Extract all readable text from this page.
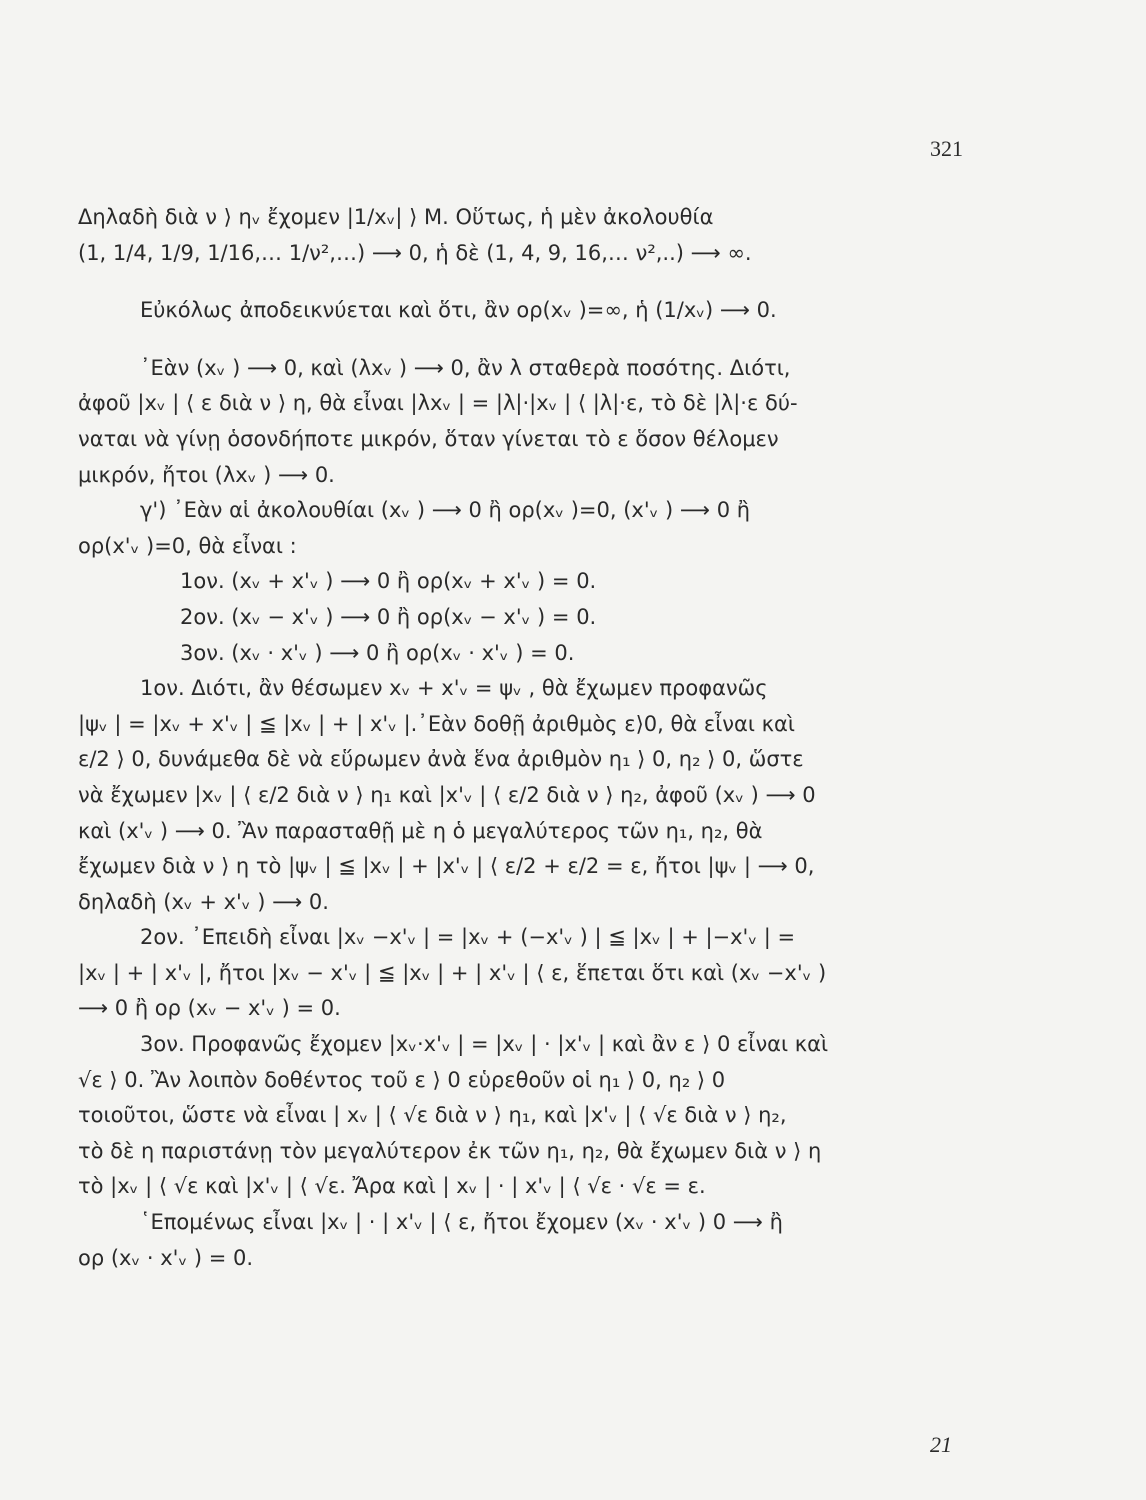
321
Δηλαδὴ διὰ ν ⟩ ηᵥ ἔχομεν |1/xᵥ| ⟩ Μ. Οὕτως, ἡ μὲν ἀκολουθία
(1, 1/4, 1/9, 1/16,… 1/ν²,…) ⟶ 0, ἡ δὲ (1, 4, 9, 16,… ν²,..) ⟶ ∞.
Εὐκόλως ἀποδεικνύεται καὶ ὅτι, ἂν ορ(xᵥ )=∞, ἡ (1/xᵥ) ⟶ 0.
᾿Εὰν (xᵥ ) ⟶ 0, καὶ (λxᵥ ) ⟶ 0, ἂν λ σταθερὰ ποσότης. Διότι,
ἀφοῦ |xᵥ | ⟨ ε διὰ ν ⟩ η, θὰ εἶναι |λxᵥ | = |λ|·|xᵥ | ⟨ |λ|·ε, τὸ δὲ |λ|·ε δύ-
ναται νὰ γίνῃ ὁσονδήποτε μικρόν, ὅταν γίνεται τὸ ε ὅσον θέλομεν
μικρόν, ἤτοι (λxᵥ ) ⟶ 0.
γ') ᾿Εὰν αἱ ἀκολουθίαι (xᵥ ) ⟶ 0 ἢ ορ(xᵥ )=0, (x'ᵥ ) ⟶ 0 ἢ
ορ(x'ᵥ )=0, θὰ εἶναι :
1ον. (xᵥ + x'ᵥ ) ⟶ 0 ἢ ορ(xᵥ + x'ᵥ ) = 0.
2ον. (xᵥ − x'ᵥ ) ⟶ 0 ἢ ορ(xᵥ − x'ᵥ ) = 0.
3ον. (xᵥ · x'ᵥ ) ⟶ 0 ἢ ορ(xᵥ · x'ᵥ ) = 0.
1ον. Διότι, ἂν θέσωμεν xᵥ + x'ᵥ = ψᵥ , θὰ ἔχωμεν προφανῶς
|ψᵥ | = |xᵥ + x'ᵥ | ≦ |xᵥ | + | x'ᵥ |.᾿Εὰν δοθῇ ἀριθμὸς ε⟩0, θὰ εἶναι καὶ
ε/2 ⟩ 0, δυνάμεθα δὲ νὰ εὕρωμεν ἀνὰ ἕνα ἀριθμὸν η₁ ⟩ 0, η₂ ⟩ 0, ὥστε
νὰ ἔχωμεν |xᵥ | ⟨ ε/2 διὰ ν ⟩ η₁ καὶ |x'ᵥ | ⟨ ε/2 διὰ ν ⟩ η₂, ἀφοῦ (xᵥ ) ⟶ 0
καὶ (x'ᵥ ) ⟶ 0. Ἂν παρασταθῇ μὲ η ὁ μεγαλύτερος τῶν η₁, η₂, θὰ
ἔχωμεν διὰ ν ⟩ η τὸ |ψᵥ | ≦ |xᵥ | + |x'ᵥ | ⟨ ε/2 + ε/2 = ε, ἤτοι |ψᵥ | ⟶ 0,
δηλαδὴ (xᵥ + x'ᵥ ) ⟶ 0.
2ον. ᾿Επειδὴ εἶναι |xᵥ −x'ᵥ | = |xᵥ + (−x'ᵥ ) | ≦ |xᵥ | + |−x'ᵥ | =
|xᵥ | + | x'ᵥ |, ἤτοι |xᵥ − x'ᵥ | ≦ |xᵥ | + | x'ᵥ | ⟨ ε, ἕπεται ὅτι καὶ (xᵥ −x'ᵥ )
⟶ 0 ἢ ορ (xᵥ − x'ᵥ ) = 0.
3ον. Προφανῶς ἔχομεν |xᵥ·x'ᵥ | = |xᵥ | · |x'ᵥ | καὶ ἂν ε ⟩ 0 εἶναι καὶ
√ε ⟩ 0. Ἂν λοιπὸν δοθέντος τοῦ ε ⟩ 0 εὑρεθοῦν οἱ η₁ ⟩ 0, η₂ ⟩ 0
τοιοῦτοι, ὥστε νὰ εἶναι | xᵥ | ⟨ √ε διὰ ν ⟩ η₁, καὶ |x'ᵥ | ⟨ √ε διὰ ν ⟩ η₂,
τὸ δὲ η παριστάνῃ τὸν μεγαλύτερον ἐκ τῶν η₁, η₂, θὰ ἔχωμεν διὰ ν ⟩ η
τὸ |xᵥ | ⟨ √ε καὶ |x'ᵥ | ⟨ √ε. Ἄρα καὶ | xᵥ | · | x'ᵥ | ⟨ √ε · √ε = ε.
῾Επομένως εἶναι |xᵥ | · | x'ᵥ | ⟨ ε, ἤτοι ἔχομεν (xᵥ · x'ᵥ ) 0 ⟶ ἢ
ορ (xᵥ · x'ᵥ ) = 0.
21
